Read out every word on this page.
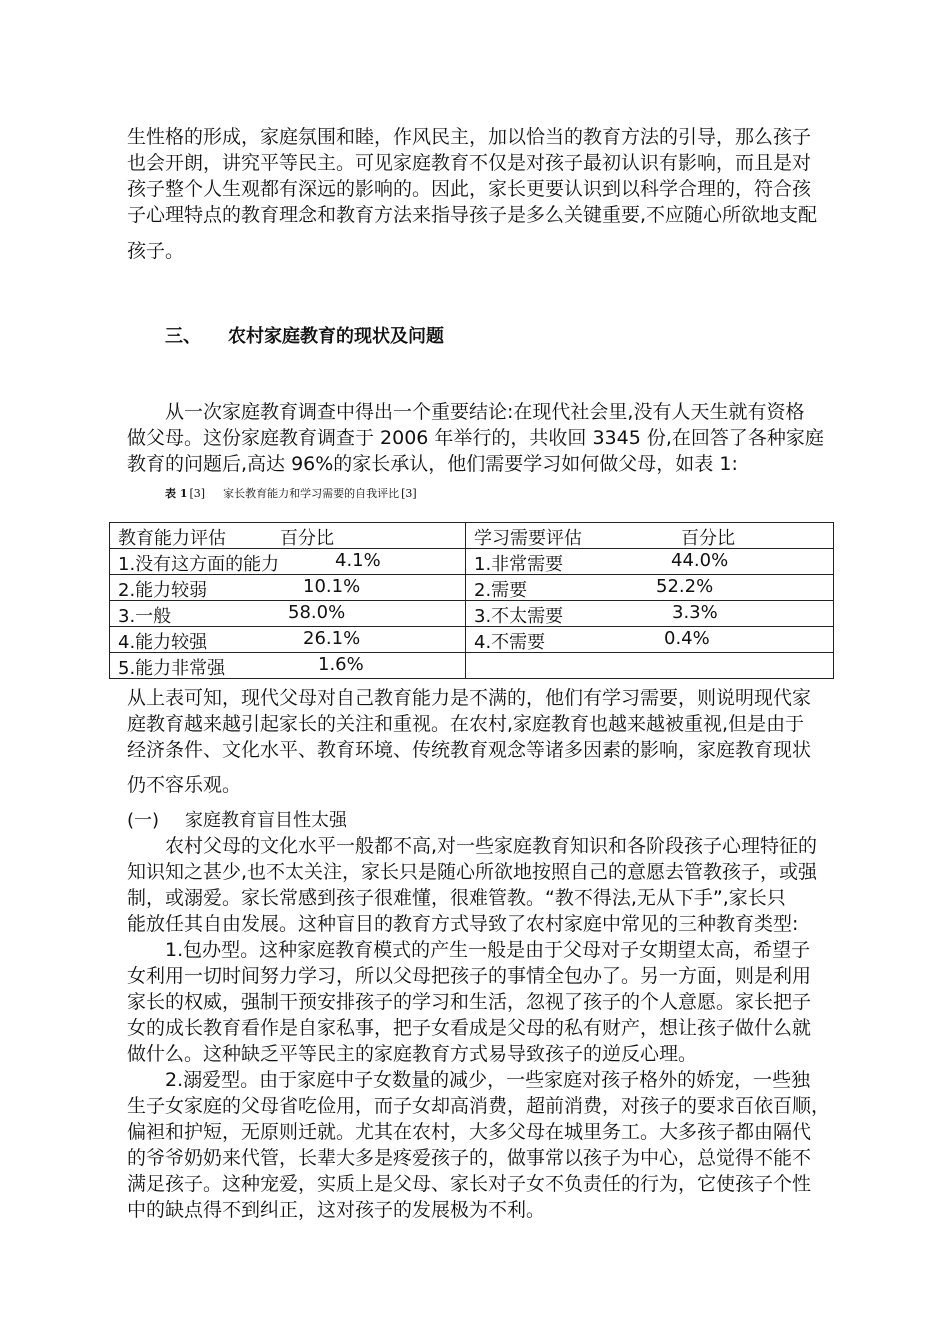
生性格的形成，家庭氛围和睦，作风民主，加以恰当的教育方法的引导，那么孩子
也会开朗，讲究平等民主。可见家庭教育不仅是对孩子最初认识有影响，而且是对
孩子整个人生观都有深远的影响的。因此，家长更要认识到以科学合理的，符合孩
子心理特点的教育理念和教育方法来指导孩子是多么关键重要,不应随心所欲地支配
孩子。
三、 农村家庭教育的现状及问题
从一次家庭教育调查中得出一个重要结论:在现代社会里,没有人天生就有资格
做父母。这份家庭教育调查于 2006 年举行的，共收回 3345 份,在回答了各种家庭
教育的问题后,高达 96%的家长承认，他们需要学习如何做父母，如表 1:
表 1 [3] 家长教育能力和学习需要的自我评比 [3]
教育能力评估 百分比	学习需要评估 百分比

1.没有这方面的能力 4.1%	1.非常需要 44.0%

2.能力较弱 10.1%	2.需要 52.2%

3.一般 58.0%	3.不太需要 3.3%

4.能力较强 26.1%	4.不需要 0.4%

5.能力非常强 1.6%	

从上表可知，现代父母对自己教育能力是不满的，他们有学习需要，则说明现代家
庭教育越来越引起家长的关注和重视。在农村,家庭教育也越来越被重视,但是由于
经济条件、文化水平、教育环境、传统教育观念等诸多因素的影响，家庭教育现状
仍不容乐观。
(一) 家庭教育盲目性太强
农村父母的文化水平一般都不高,对一些家庭教育知识和各阶段孩子心理特征的
知识知之甚少,也不太关注，家长只是随心所欲地按照自己的意愿去管教孩子，或强
制，或溺爱。家长常感到孩子很难懂，很难管教。“教不得法,无从下手”,家长只
能放任其自由发展。这种盲目的教育方式导致了农村家庭中常见的三种教育类型:
1.包办型。这种家庭教育模式的产生一般是由于父母对子女期望太高，希望子
女利用一切时间努力学习，所以父母把孩子的事情全包办了。另一方面，则是利用
家长的权威，强制干预安排孩子的学习和生活，忽视了孩子的个人意愿。家长把子
女的成长教育看作是自家私事，把子女看成是父母的私有财产，想让孩子做什么就
做什么。这种缺乏平等民主的家庭教育方式易导致孩子的逆反心理。
2.溺爱型。由于家庭中子女数量的减少，一些家庭对孩子格外的娇宠，一些独
生子女家庭的父母省吃俭用，而子女却高消费，超前消费，对孩子的要求百依百顺，
偏袒和护短，无原则迁就。尤其在农村，大多父母在城里务工。大多孩子都由隔代
的爷爷奶奶来代管，长辈大多是疼爱孩子的，做事常以孩子为中心，总觉得不能不
满足孩子。这种宠爱，实质上是父母、家长对子女不负责任的行为，它使孩子个性
中的缺点得不到纠正，这对孩子的发展极为不利。
